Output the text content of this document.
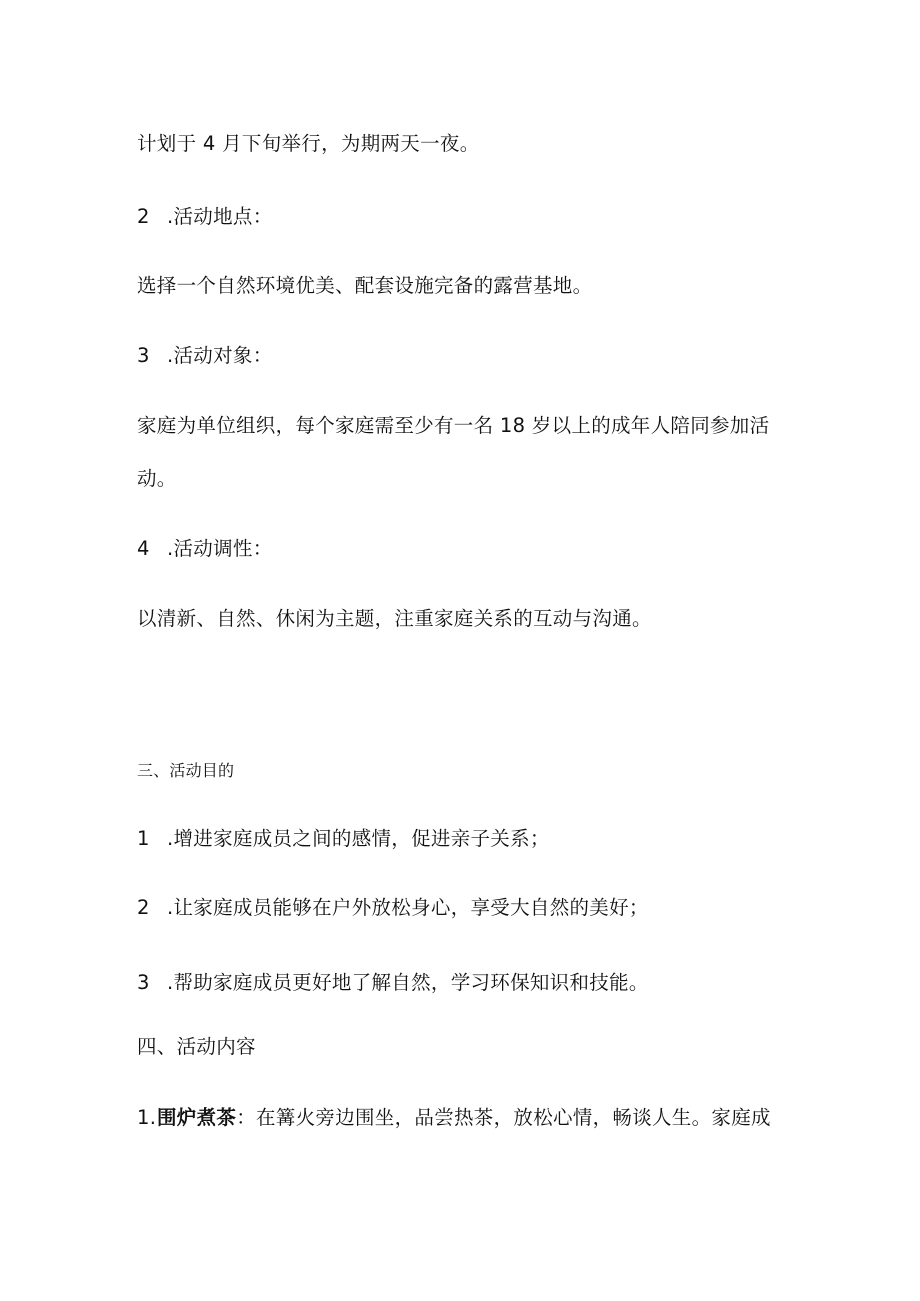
计划于 4 月下旬举行，为期两天一夜。
2 .活动地点：
选择一个自然环境优美、配套设施完备的露营基地。
3 .活动对象：
家庭为单位组织，每个家庭需至少有一名 18 岁以上的成年人陪同参加活
动。
4 .活动调性：
以清新、自然、休闲为主题，注重家庭关系的互动与沟通。
三、活动目的
1 .增进家庭成员之间的感情，促进亲子关系；
2 .让家庭成员能够在户外放松身心，享受大自然的美好；
3 .帮助家庭成员更好地了解自然，学习环保知识和技能。
四、活动内容
1.围炉煮茶：在篝火旁边围坐，品尝热茶，放松心情，畅谈人生。家庭成
